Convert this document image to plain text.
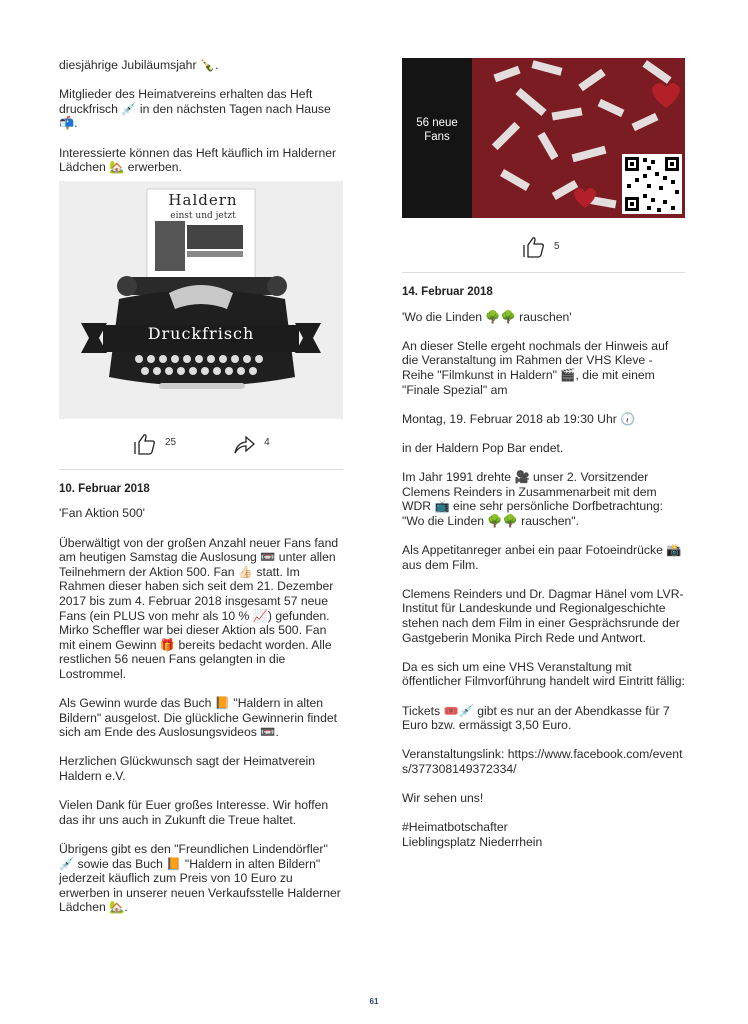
diesjährige Jubiläumsjahr 🍾.

Mitglieder des Heimatvereins erhalten das Heft druckfrisch 💉 in den nächsten Tagen nach Hause 📬.

Interessierte können das Heft käuflich im Halderner Lädchen 🏡 erwerben.

Haldern
einst und jetzt
Druckfrisch
25	4

10. Februar 2018

'Fan Aktion 500'

Überwältigt von der großen Anzahl neuer Fans fand am heutigen Samstag die Auslosung 📼 unter allen Teilnehmern der Aktion 500. Fan 👍🏻 statt. Im Rahmen dieser haben sich seit dem 21. Dezember 2017 bis zum 4. Februar 2018 insgesamt 57 neue Fans (ein PLUS von mehr als 10 % 📈) gefunden. Mirko Scheffler war bei dieser Aktion als 500. Fan mit einem Gewinn 🎁 bereits bedacht worden. Alle restlichen 56 neuen Fans gelangten in die Lostrommel.

Als Gewinn wurde das Buch 📙 "Haldern in alten Bildern" ausgelost. Die glückliche Gewinnerin findet sich am Ende des Auslosungsvideos 📼.

Herzlichen Glückwunsch sagt der Heimatverein Haldern e.V.

Vielen Dank für Euer großes Interesse. Wir hoffen das ihr uns auch in Zukunft die Treue haltet.

Übrigens gibt es den "Freundlichen Lindendörfler" 💉 sowie das Buch 📙 "Haldern in alten Bildern" jederzeit käuflich zum Preis von 10 Euro zu erwerben in unserer neuen Verkaufsstelle Halderner Lädchen 🏡.

56 neue
Fans
5

14. Februar 2018

'Wo die Linden 🌳🌳 rauschen'

An dieser Stelle ergeht nochmals der Hinweis auf die Veranstaltung im Rahmen der VHS Kleve - Reihe "Filmkunst in Haldern" 🎬, die mit einem "Finale Spezial" am

Montag, 19. Februar 2018 ab 19:30 Uhr 🕡

in der Haldern Pop Bar endet.

Im Jahr 1991 drehte 🎥 unser 2. Vorsitzender Clemens Reinders in Zusammenarbeit mit dem WDR 📺 eine sehr persönliche Dorfbetrachtung: "Wo die Linden 🌳🌳 rauschen".

Als Appetitanreger anbei ein paar Fotoeindrücke 📸 aus dem Film.

Clemens Reinders und Dr. Dagmar Hänel vom LVR-Institut für Landeskunde und Regionalgeschichte stehen nach dem Film in einer Gesprächsrunde der Gastgeberin Monika Pirch Rede und Antwort.

Da es sich um eine VHS Veranstaltung mit öffentlicher Filmvorführung handelt wird Eintritt fällig:

Tickets 🎟️💉 gibt es nur an der Abendkasse für 7 Euro bzw. ermässigt 3,50 Euro.

Veranstaltungslink: https://www.facebook.com/events/377308149372334/

Wir sehen uns!

#Heimatbotschafter
Lieblingsplatz Niederrhein

61
